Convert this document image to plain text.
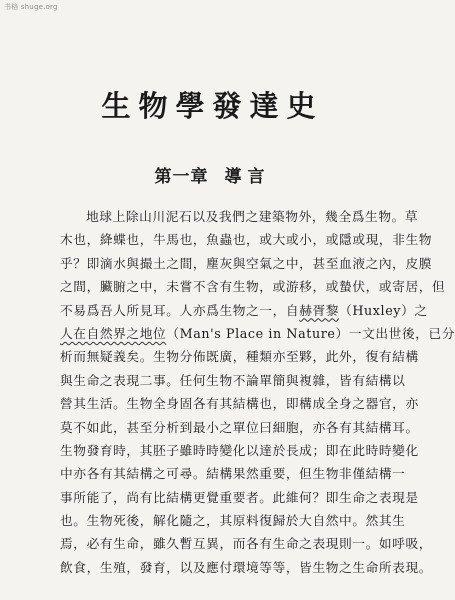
书格 shuge.org
生物學發達史
第一章 導言
地球上除山川泥石以及我們之建築物外，幾全爲生物。草
木也，絳蝶也，牛馬也，魚蟲也，或大或小，或隱或現，非生物
乎？即滴水與撮土之間，塵灰與空氣之中，甚至血液之內，皮膜
之間，臟腑之中，未嘗不含有生物，或游移，或蟄伏，或寄居，但
不易爲吾人所見耳。人亦爲生物之一，自赫胥黎（Huxley）之
人在自然界之地位（Man's Place in Nature）一文出世後，已分
析而無疑義矣。生物分佈既廣，種類亦至夥，此外，復有結構
與生命之表現二事。任何生物不論單簡與複雜，皆有結構以
營其生活。生物全身固各有其結構也，即構成全身之器官，亦
莫不如此，甚至分析到最小之單位曰細胞，亦各有其結構耳。
生物發育時，其胚子雖時時變化以達於長成；即在此時時變化
中亦各有其結構之可尋。結構果然重要，但生物非僅結構一
事所能了，尚有比結構更覺重要者。此維何？即生命之表現是
也。生物死後，解化隨之，其原料復歸於大自然中。然其生
焉，必有生命，雖久暫互異，而各有生命之表現則一。如呼吸，
飲食，生殖，發育，以及應付環境等等，皆生物之生命所表現。
